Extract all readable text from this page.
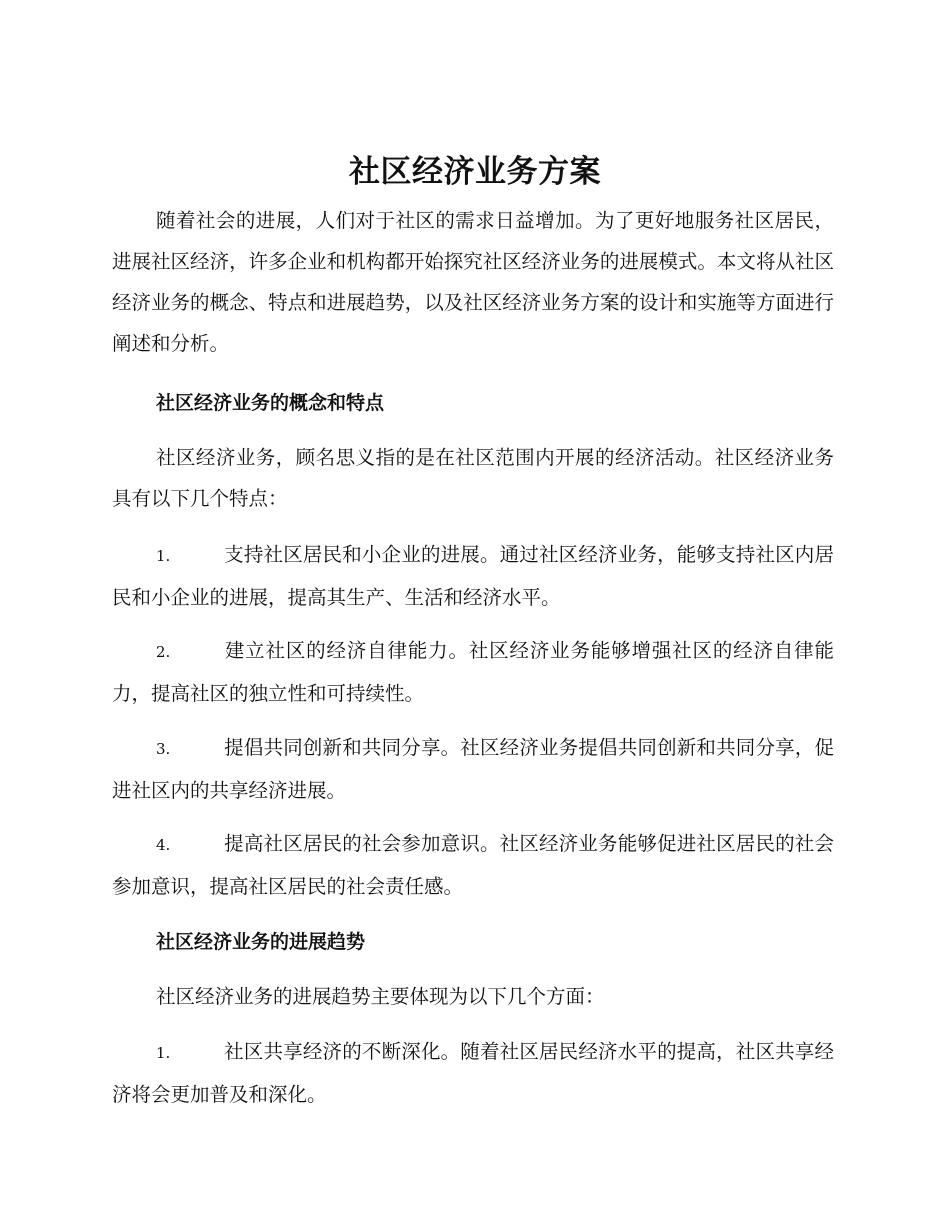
社区经济业务方案

随着社会的进展，人们对于社区的需求日益增加。为了更好地服务社区居民，进展社区经济，许多企业和机构都开始探究社区经济业务的进展模式。本文将从社区经济业务的概念、特点和进展趋势，以及社区经济业务方案的设计和实施等方面进行阐述和分析。

社区经济业务的概念和特点

社区经济业务，顾名思义指的是在社区范围内开展的经济活动。社区经济业务具有以下几个特点：

1.	支持社区居民和小企业的进展。通过社区经济业务，能够支持社区内居民和小企业的进展，提高其生产、生活和经济水平。

2.	建立社区的经济自律能力。社区经济业务能够增强社区的经济自律能力，提高社区的独立性和可持续性。

3.	提倡共同创新和共同分享。社区经济业务提倡共同创新和共同分享，促进社区内的共享经济进展。

4.	提高社区居民的社会参加意识。社区经济业务能够促进社区居民的社会参加意识，提高社区居民的社会责任感。

社区经济业务的进展趋势

社区经济业务的进展趋势主要体现为以下几个方面：

1.	社区共享经济的不断深化。随着社区居民经济水平的提高，社区共享经济将会更加普及和深化。
